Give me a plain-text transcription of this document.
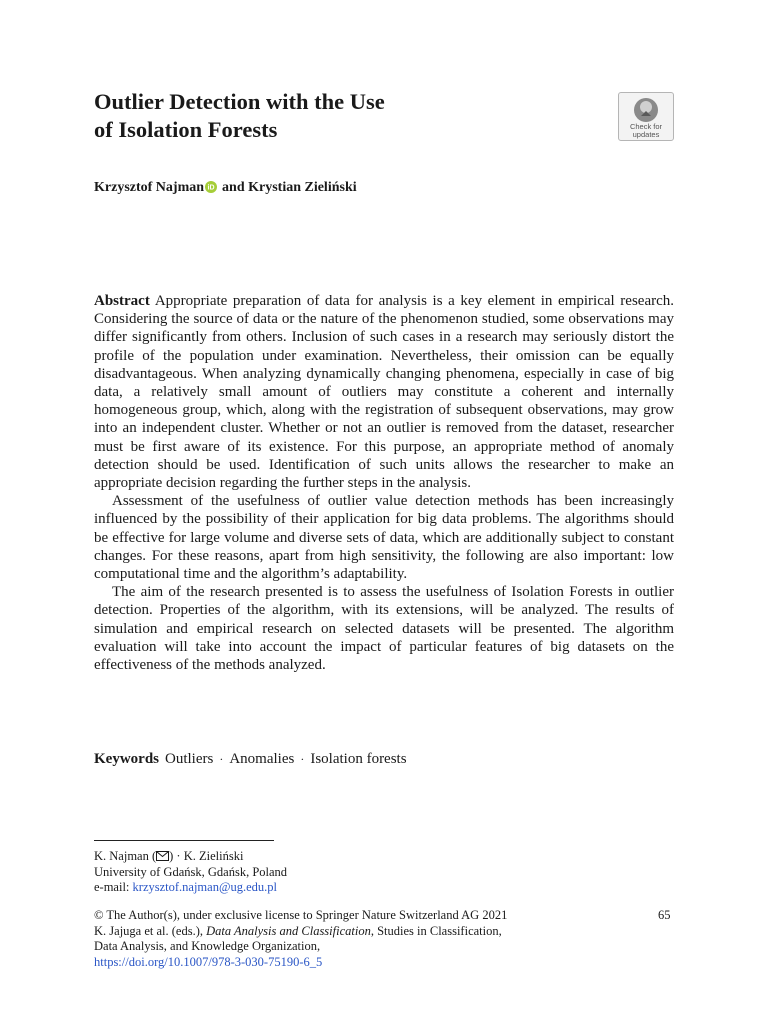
Outlier Detection with the Use
of Isolation Forests	Check for
updates
Krzysztof Najman iD and Krystian Zieliński

Abstract Appropriate preparation of data for analysis is a key element in empirical research. Considering the source of data or the nature of the phenomenon studied, some observations may differ significantly from others. Inclusion of such cases in a research may seriously distort the profile of the population under examination. Nevertheless, their omission can be equally disadvantageous. When analyzing dynamically changing phenomena, especially in case of big data, a relatively small amount of outliers may constitute a coherent and internally homogeneous group, which, along with the registration of subsequent observations, may grow into an independent cluster. Whether or not an outlier is removed from the dataset, researcher must be first aware of its existence. For this purpose, an appropriate method of anomaly detection should be used. Identification of such units allows the researcher to make an appropriate decision regarding the further steps in the analysis.

Assessment of the usefulness of outlier value detection methods has been increasingly influenced by the possibility of their application for big data problems. The algorithms should be effective for large volume and diverse sets of data, which are additionally subject to constant changes. For these reasons, apart from high sensitivity, the following are also important: low computational time and the algorithm’s adaptability.

The aim of the research presented is to assess the usefulness of Isolation Forests in outlier detection. Properties of the algorithm, with its extensions, will be analyzed. The results of simulation and empirical research on selected datasets will be presented. The algorithm evaluation will take into account the impact of particular features of big datasets on the effectiveness of the methods analyzed.

Keywords Outliers · Anomalies · Isolation forests
K. Najman ( ) · K. Zieliński
University of Gdańsk, Gdańsk, Poland
e-mail: krzysztof.najman@ug.edu.pl
© The Author(s), under exclusive license to Springer Nature Switzerland AG 2021
K. Jajuga et al. (eds.), Data Analysis and Classification, Studies in Classification,
Data Analysis, and Knowledge Organization,
https://doi.org/10.1007/978-3-030-75190-6_5
65
